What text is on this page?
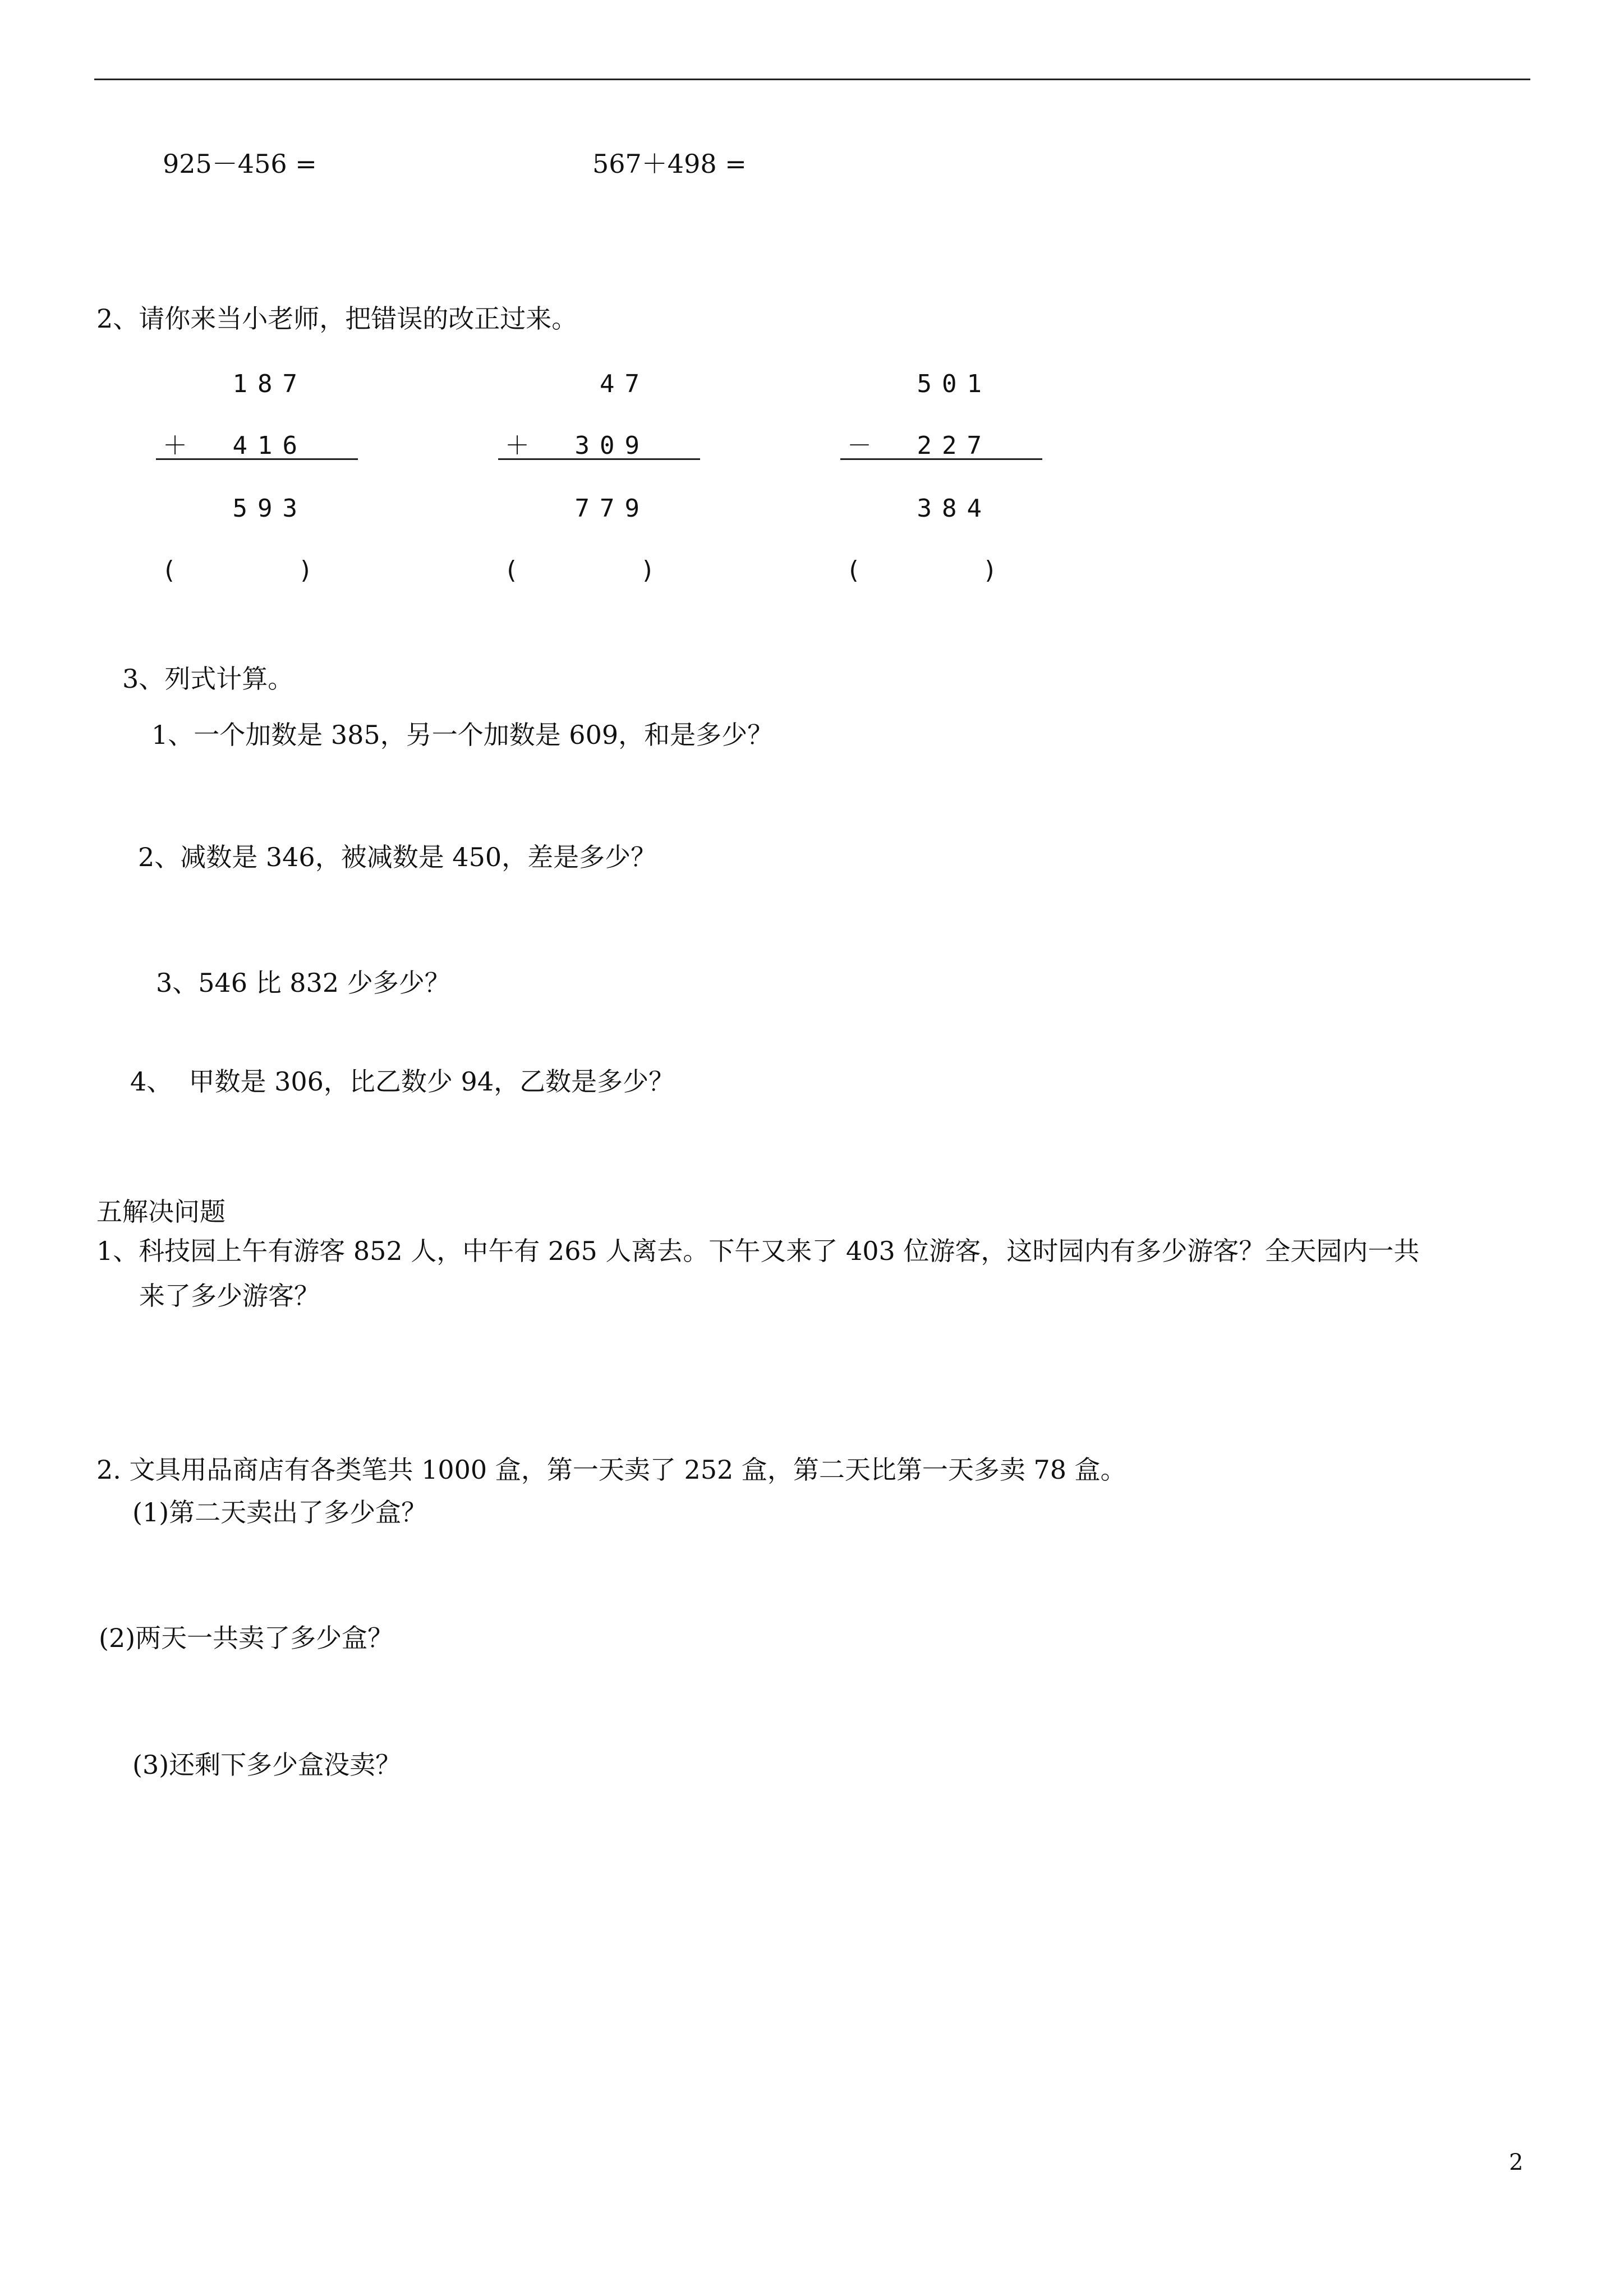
925－456 =	567＋498 =
2、请你来当小老师，把错误的改正过来。
187
＋ 416
593
(	)
47
＋ 309
779
(	)
501
－ 227
384
(	)
3、列式计算。
1、一个加数是 385，另一个加数是 609，和是多少？
2、减数是 346，被减数是 450，差是多少？
3、546 比 832 少多少？
4、  甲数是 306，比乙数少 94，乙数是多少？
五解决问题
1、科技园上午有游客 852 人，中午有 265 人离去。下午又来了 403 位游客，这时园内有多少游客？全天园内一共
来了多少游客？
2. 文具用品商店有各类笔共 1000 盒，第一天卖了 252 盒，第二天比第一天多卖 78 盒。
(1)第二天卖出了多少盒？
(2)两天一共卖了多少盒？
(3)还剩下多少盒没卖？
2
